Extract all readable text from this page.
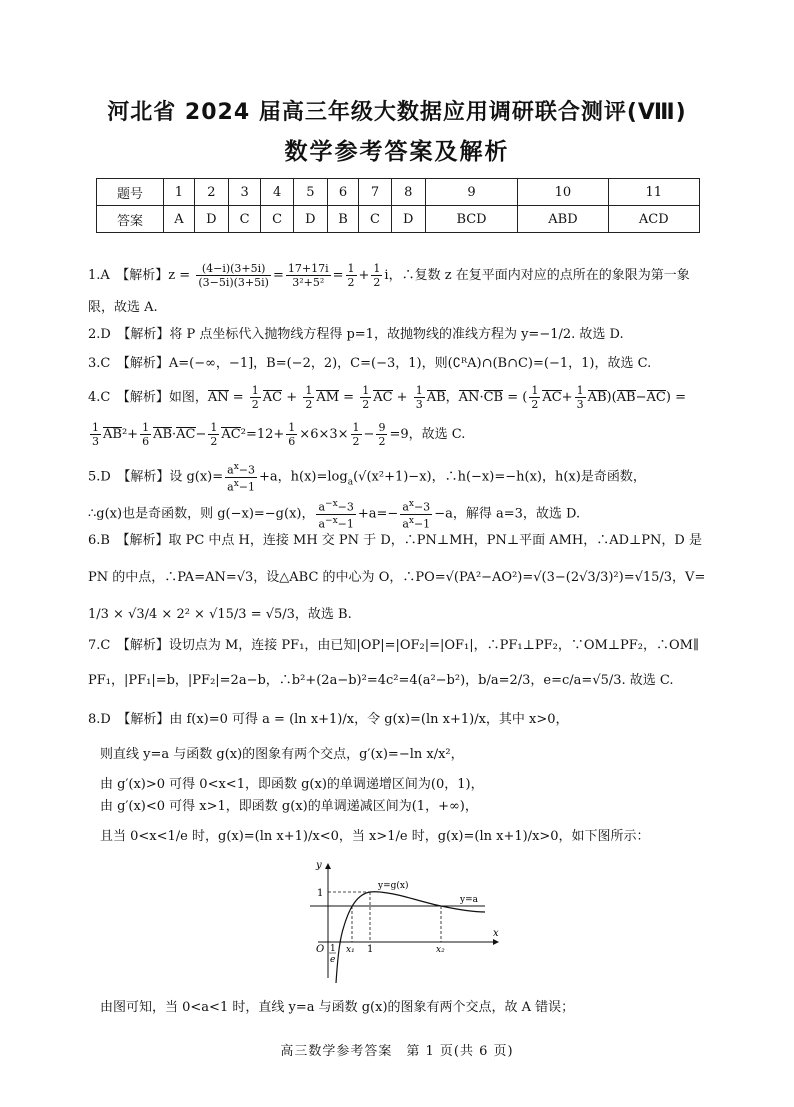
河北省 2024 届高三年级大数据应用调研联合测评(Ⅷ)
数学参考答案及解析
题号	1	2	3	4	5	6	7	8	9	10	11
答案	A	D	C	C	D	B	C	D	BCD	ABD	ACD
1.A　【解析】$z = \frac{(4-i)(3+5i)}{(3-5i)(3+5i)} = \frac{17+17i}{\text{3²+5²}} = \frac{1}{2} + \frac{1}{2}$ i，∴复数 z 在复平面内对应的点所在的象限为第一象
限，故选 A.
2.D　【解析】将 P 点坐标代入抛物线方程得 p=1，故抛物线的准线方程为 y=−1/2. 故选 D.
3.C　【解析】A=(−∞，−1]，B=(−2，2)，C=(−3，1)，则(∁ᴿA)∩(B∩C)=(−1，1)，故选 C.
4.C　【解析】如图，AN = $\frac{1}{2}$ AC + $\frac{1}{2}$ AM = $\frac{1}{2}$ AC + $\frac{1}{3}$ AB，AN·CB = ( $\frac{1}{2} AC+ \frac{1}{3} AB)(AB-AC)$ =
$\frac{1}{3} AB^2+ \frac{1}{6} AB\cdot AC- \frac{1}{2} AC^2=12+ \frac{1}{6} \times 6\times 3\times \frac{1}{2} - \frac{9}{2} =9$，故选 C.
5.D　【解析】设 $g(x)= \frac{a^x-3}{a^x-1} +a$，$h(x)=\log_a(√(x^2+1)-x)$，∴h(−x)=−h(x)，h(x)是奇函数，
∴g(x)也是奇函数，则 g(−x)=−g(x)， $\frac{a^{-x}-3}{a^{-x}-1} +a=- \frac{a^x-3}{a^x-1} -a$，解得 a=3，故选 D.
6.B　【解析】取 PC 中点 H，连接 MH 交 PN 于 D，∴PN⊥MH，PN⊥平面 AMH，∴AD⊥PN，D 是
PN 的中点，∴PA=AN=√3，设△ABC 的中心为 O，∴PO=√(PA²−AO²)=√(3−(2√3/3)²)=√15/3，V=
1/3 × √3/4 × 2² × √15/3 = √5/3，故选 B.
7.C　【解析】设切点为 M，连接 PF₁，由已知|OP|=|OF₂|=|OF₁|，∴PF₁⊥PF₂，∵OM⊥PF₂，∴OM∥
PF₁，|PF₁|=b，|PF₂|=2a−b，∴b²+(2a−b)²=4c²=4(a²−b²)，b/a=2/3，e=c/a=√5/3. 故选 C.
8.D　【解析】由 f(x)=0 可得 a = (ln x+1)/x，令 g(x)=(ln x+1)/x，其中 x>0，
则直线 y=a 与函数 g(x)的图象有两个交点，g′(x)=−ln x/x²，
由 g′(x)>0 可得 0<x<1，即函数 g(x)的单调递增区间为(0，1)，
由 g′(x)<0 可得 x>1，即函数 g(x)的单调递减区间为(1，+∞)，
且当 0<x<1/e 时，g(x)=(ln x+1)/x<0，当 x>1/e 时，g(x)=(ln x+1)/x>0，如下图所示：
y
x
O
1
1
1
e
x₁	x₂
y=g(x)
y=a
由图可知，当 0<a<1 时，直线 y=a 与函数 g(x)的图象有两个交点，故 A 错误；
高三数学参考答案　第 1 页(共 6 页)
